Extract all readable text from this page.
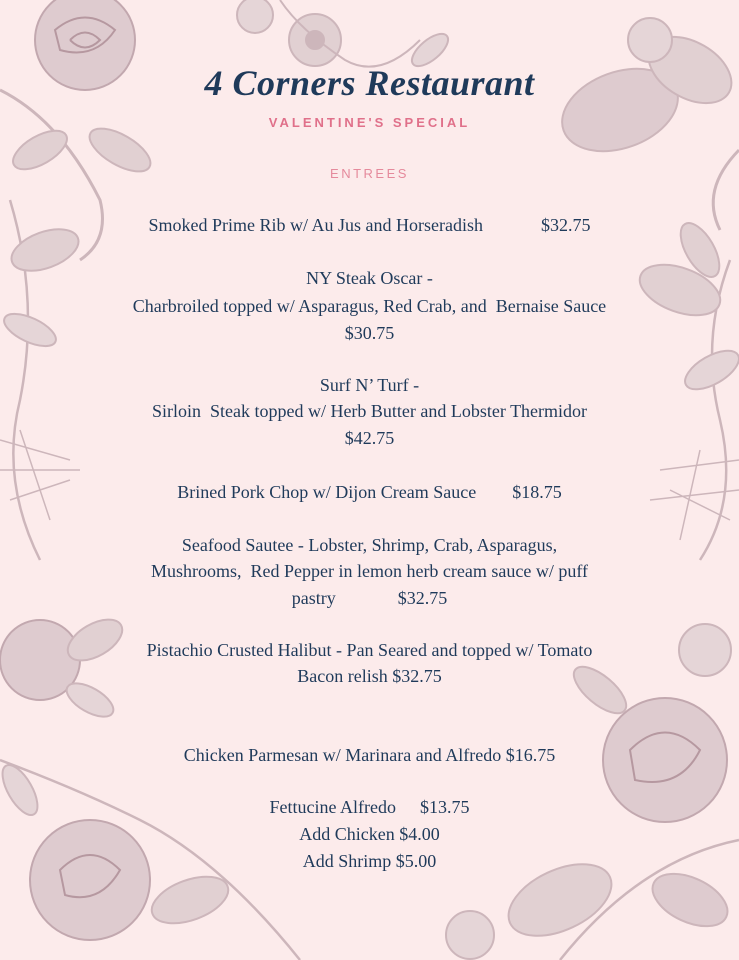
4 Corners Restaurant
VALENTINE'S SPECIAL
ENTREES
Smoked Prime Rib w/ Au Jus and Horseradish	$32.75
NY Steak Oscar -
Charbroiled topped w/ Asparagus, Red Crab, and  Bernaise Sauce
$30.75
Surf N’ Turf -
Sirloin  Steak topped w/ Herb Butter and Lobster Thermidor
$42.75
Brined Pork Chop w/ Dijon Cream Sauce $18.75
Seafood Sautee - Lobster, Shrimp, Crab, Asparagus,
Mushrooms,  Red Pepper in lemon herb cream sauce w/ puff
pastry	$32.75
Pistachio Crusted Halibut - Pan Seared and topped w/ Tomato
Bacon relish $32.75
Chicken Parmesan w/ Marinara and Alfredo $16.75
Fettucine Alfredo $13.75
Add Chicken $4.00
Add Shrimp $5.00
